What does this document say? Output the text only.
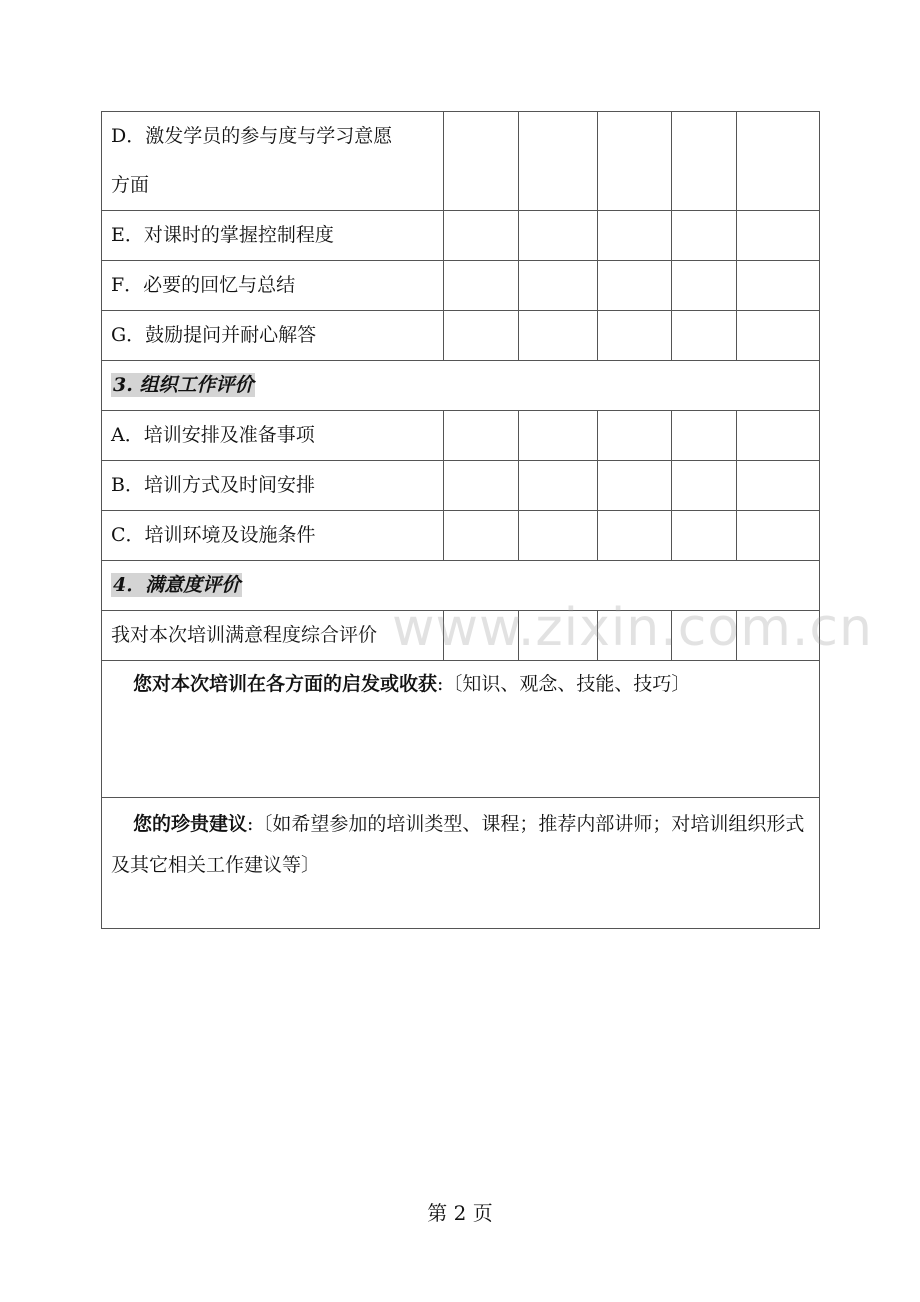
D．激发学员的参与度与学习意愿
方面					
E．对课时的掌握控制程度					
F．必要的回忆与总结					
G．鼓励提问并耐心解答					
3. 组织工作评价					
A．培训安排及准备事项					
B．培训方式及时间安排					
C．培训环境及设施条件					
4．满意度评价					
我对本次培训满意程度综合评价					
您对本次培训在各方面的启发或收获:〔知识、观念、技能、技巧〕					
您的珍贵建议:〔如希望参加的培训类型、课程；推荐内部讲师；对培训组织形式及其它相关工作建议等〕					
www.zixin.com.cn
第 2 页
